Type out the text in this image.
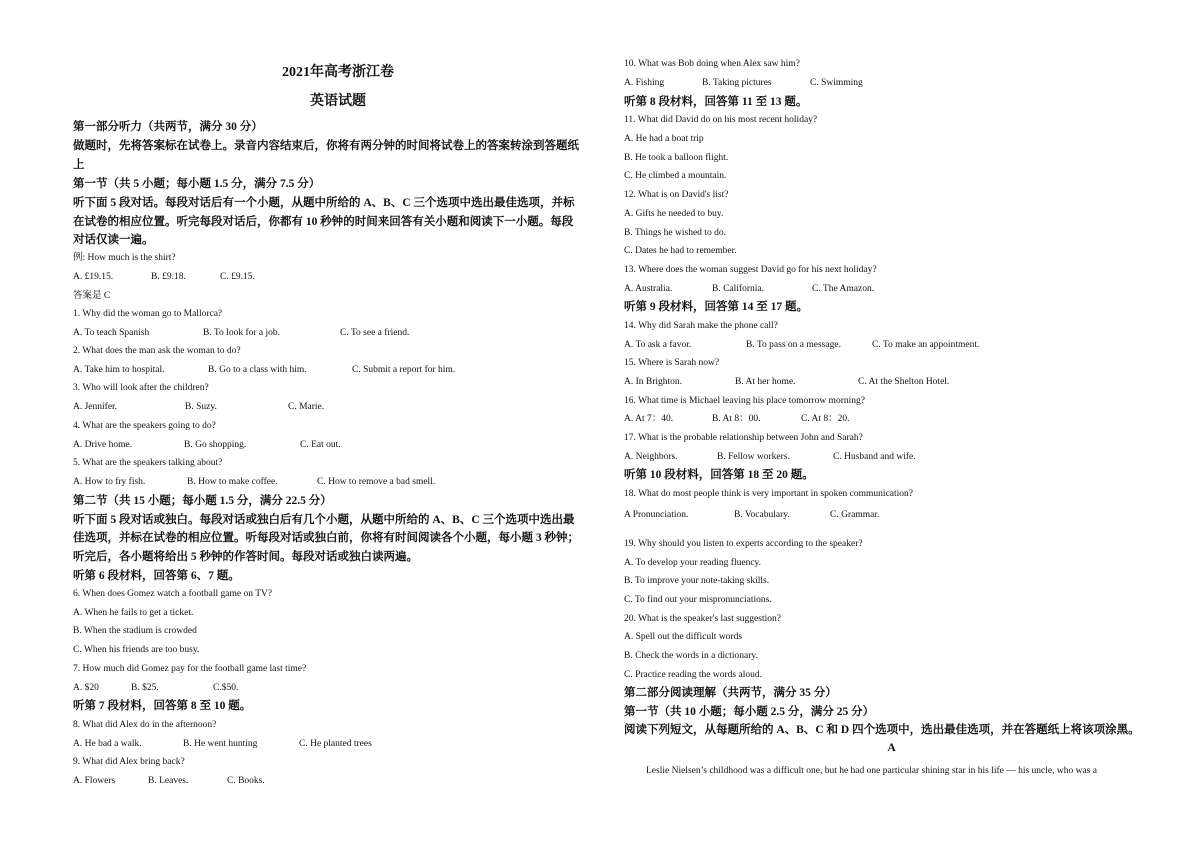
2021年高考浙江卷
英语试题
第一部分听力（共两节，满分 30 分）
做题时，先将答案标在试卷上。录音内容结束后，你将有两分钟的时间将试卷上的答案转涂到答题纸
上
第一节（共 5 小题；每小题 1.5 分，满分 7.5 分）
听下面 5 段对话。每段对话后有一个小题，从题中所给的 A、B、C 三个选项中选出最佳选项，并标
在试卷的相应位置。听完每段对话后，你都有 10 秒钟的时间来回答有关小题和阅读下一小题。每段
对话仅读一遍。
例: How much is the shirt?
答案是 C
1. Why did the woman go to Mallorca?
2. What does the man ask the woman to do?
3. Who will look after the children?
4. What are the speakers going to do?
5. What are the speakers talking about?
第二节（共 15 小题；每小题 1.5 分，满分 22.5 分）
听下面 5 段对话或独白。每段对话或独白后有几个小题，从题中所给的 A、B、C 三个选项中选出最
佳选项，并标在试卷的相应位置。听每段对话或独白前，你将有时间阅读各个小题，每小题 3 秒钟；
听完后，各小题将给出 5 秒钟的作答时间。每段对话或独白读两遍。
听第 6 段材料，回答第 6、7 题。
6. When does Gomez watch a football game on TV?
A. When he fails to get a ticket.
B. When the stadium is crowded
C. When his friends are too busy.
7. How much did Gomez pay for the football game last time?
听第 7 段材料，回答第 8 至 10 题。
8. What did Alex do in the afternoon?
9. What did Alex bring back?
A. £19.15.	B. £9.18.	C. £9.15.
A. To teach Spanish	B. To look for a job.	C. To see a friend.
A. Take him to hospital.	B. Go to a class with him.	C. Submit a report for him.
A. Jennifer.	B. Suzy.	C. Marie.
A. Drive home.	B. Go shopping.	C. Eat out.
A. How to fry fish.	B. How to make coffee.	C. How to remove a bad smell.
A. $20	B. $25.	C.$50.
A. He bad a walk.	B. He went hunting	C. He planted trees
A. Flowers	B. Leaves.	C. Books.
10. What was Bob doing when Alex saw him?
听第 8 段材料，回答第 11 至 13 题。
11. What did David do on his most recent holiday?
A. He had a boat trip
B. He took a balloon flight.
C. He climbed a mountain.
12. What is on David's list?
A. Gifts he needed to buy.
B. Things he wished to do.
C. Dates he had to remember.
13. Where does the woman suggest David go for his next holiday?
听第 9 段材料，回答第 14 至 17 题。
14. Why did Sarah make the phone call?
15. Where is Sarah now?
16. What time is Michael leaving his place tomorrow morning?
17. What is the probable relationship between John and Sarah?
听第 10 段材料，回答第 18 至 20 题。
18. What do most people think is very important in spoken communication?
19. Why should you listen to experts according to the speaker?
A. To develop your reading fluency.
B. To improve your note-taking skills.
C. To find out your mispronunciations.
20. What is the speaker's last suggestion?
A. Spell out the difficult words
B. Check the words in a dictionary.
C. Practice reading the words aloud.
第二部分阅读理解（共两节，满分 35 分）
第一节（共 10 小题；每小题 2.5 分，满分 25 分）
阅读下列短文，从每题所给的 A、B、C 和 D 四个选项中，选出最佳选项，并在答题纸上将该项涂黑。
A. Fishing	B. Taking pictures	C. Swimming
A. Australia.	B. California.	C. The Amazon.
A. To ask a favor.	B. To pass on a message.	C. To make an appointment.
A. In Brighton.	B. At her home.	C. At the Shelton Hotel.
A. At 7：40.	B. At 8：00.	C. At 8：20.
A. Neighbors.	B. Fellow workers.	C. Husband and wife.
A Pronunciation.	B. Vocabulary.	C. Grammar.
A
Leslie Nielsen’s childhood was a difficult one, but he had one particular shining star in his life — his uncle, who was a
